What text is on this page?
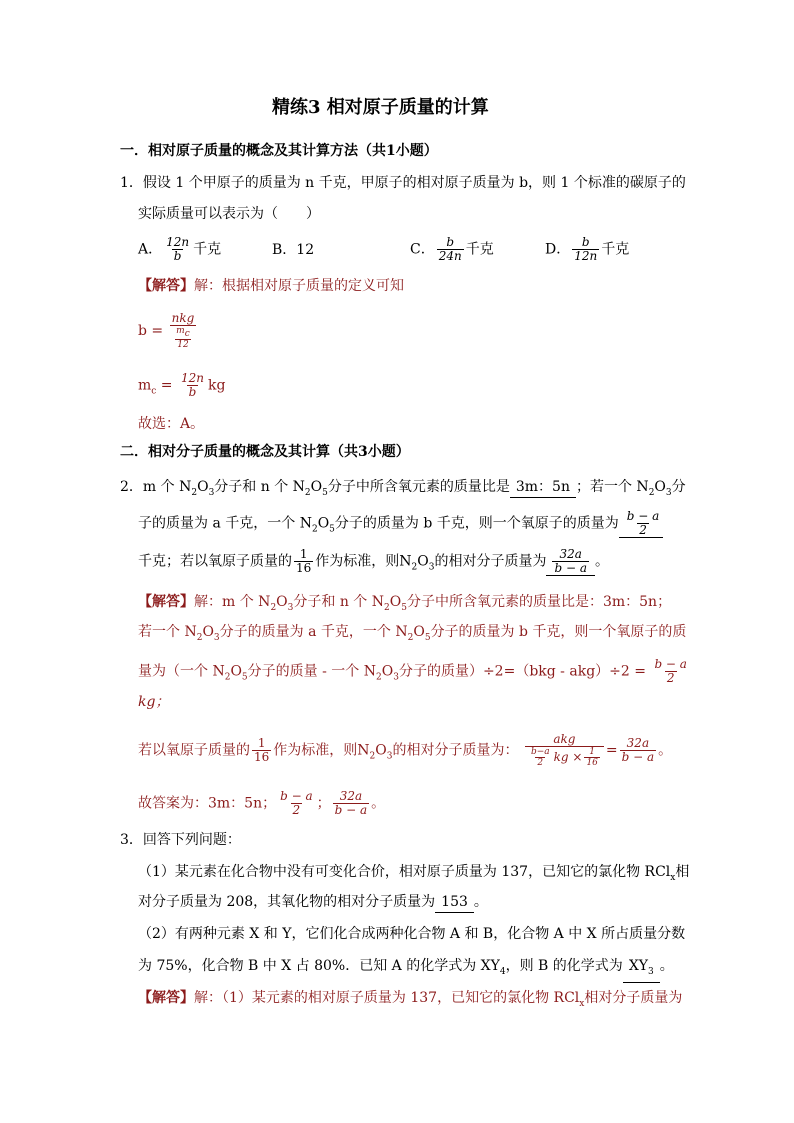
精练3 相对原子质量的计算
一．相对原子质量的概念及其计算方法（共1小题）
1．假设 1 个甲原子的质量为 n 千克，甲原子的相对原子质量为 b，则 1 个标准的碳原子的
实际质量可以表示为（　　）
A． $\frac{12n}{b}$ 千克	B．12	C． $\frac{b}{24n}$ 千克	D． $\frac{b}{12n}$ 千克
【解答】解：根据相对原子质量的定义可知
$b = \frac{\text{nkg}}{\frac{m_c}{12}}$
$m_c = \frac{12n}{b}$ kg
故选：A。
二．相对分子质量的概念及其计算（共3小题）
2．m 个 $N_2O_3$分子和 n 个 $N_2O_5$分子中所含氧元素的质量比是 3m：5n ；若一个 $N_2O_3$分
子的质量为 a 千克，一个 $N_2O_5$分子的质量为 b 千克，则一个氧原子的质量为 $\frac{b - a}{2}$
千克；若以氧原子质量的 $\frac{1}{16}$ 作为标准，则$N_2O_3$的相对分子质量为 $\frac{32a}{b - a}$ 。
【解答】解：m 个 $N_2O_3$分子和 n 个 $N_2O_5$分子中所含氧元素的质量比是：3m：5n；
若一个 $N_2O_3$分子的质量为 a 千克，一个 $N_2O_5$分子的质量为 b 千克，则一个氧原子的质
量为（一个 $N_2O_5$分子的质量 - 一个 $N_2O_3$分子的质量）$\div 2=(bkg - akg)\div 2 = \frac{b - a}{2}$
kg；
若以氧原子质量的 $\frac{1}{16}$ 作为标准，则$N_2O_3$的相对分子质量为： $\frac{\text{akg}}{\frac{b-a}{2} kg \times \frac{1}{16}} = \frac{32a}{b - a}$ 。
故答案为：3m：5n； $\frac{b - a}{2}$ ； $\frac{32a}{b - a}$ 。
3．回答下列问题：
（1）某元素在化合物中没有可变化合价，相对原子质量为 137，已知它的氯化物 RCl$_x$相
对分子质量为 208，其氧化物的相对分子质量为 153 。
（2）有两种元素 X 和 Y，它们化合成两种化合物 A 和 B，化合物 A 中 X 所占质量分数
为 75%，化合物 B 中 X 占 80%．已知 A 的化学式为 $XY_4$，则 B 的化学式为 $XY_3$ 。
【解答】解：（1）某元素的相对原子质量为 137，已知它的氯化物 RCl$_x$相对分子质量为
